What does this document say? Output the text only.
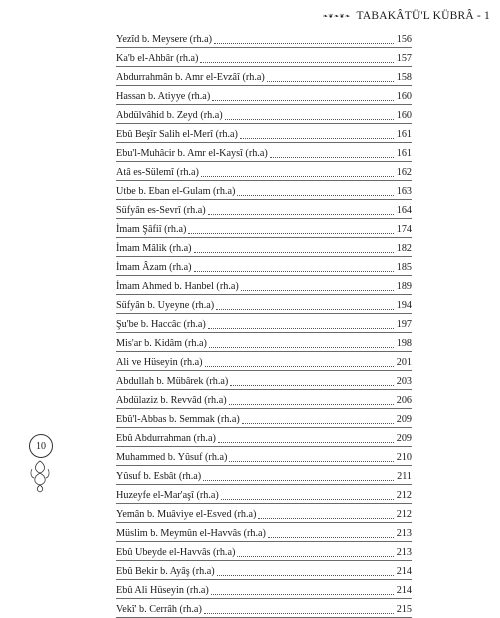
❧❦❧❦❧ TABAKÂTÜ'L KÜBRÂ - 1
Yezîd b. Meysere (rh.a)	156
Ka'b el-Ahbâr (rh.a)	157
Abdurrahmân b. Amr el-Evzâî (rh.a)	158
Hassan b. Atiyye (rh.a)	160
Abdülvâhid b. Zeyd (rh.a)	160
Ebû Beşîr Salih el-Merî (rh.a)	161
Ebu'l-Muhâcir b. Amr el-Kaysî (rh.a)	161
Atâ es-Sülemî (rh.a)	162
Utbe b. Eban el-Gulam (rh.a)	163
Süfyân es-Sevrî (rh.a)	164
İmam Şâfiî (rh.a)	174
İmam Mâlik (rh.a)	182
İmam Âzam (rh.a)	185
İmam Ahmed b. Hanbel (rh.a)	189
Süfyân b. Uyeyne (rh.a)	194
Şu'be b. Haccâc (rh.a)	197
Mis'ar b. Kidâm (rh.a)	198
Ali ve Hüseyin (rh.a)	201
Abdullah b. Mübârek (rh.a)	203
Abdülaziz b. Revvâd (rh.a)	206
Ebû'l-Abbas b. Semmak (rh.a)	209
Ebû Abdurrahman (rh.a)	209
Muhammed b. Yûsuf (rh.a)	210
Yûsuf b. Esbât (rh.a)	211
Huzeyfe el-Mar'aşî (rh.a)	212
Yemân b. Muâviye el-Esved (rh.a)	212
Müslim b. Meymûn el-Havvâs (rh.a)	213
Ebû Ubeyde el-Havvâs (rh.a)	213
Ebû Bekir b. Ayâş (rh.a)	214
Ebû Ali Hüseyin (rh.a)	214
Vekî' b. Cerrâh (rh.a)	215
10
